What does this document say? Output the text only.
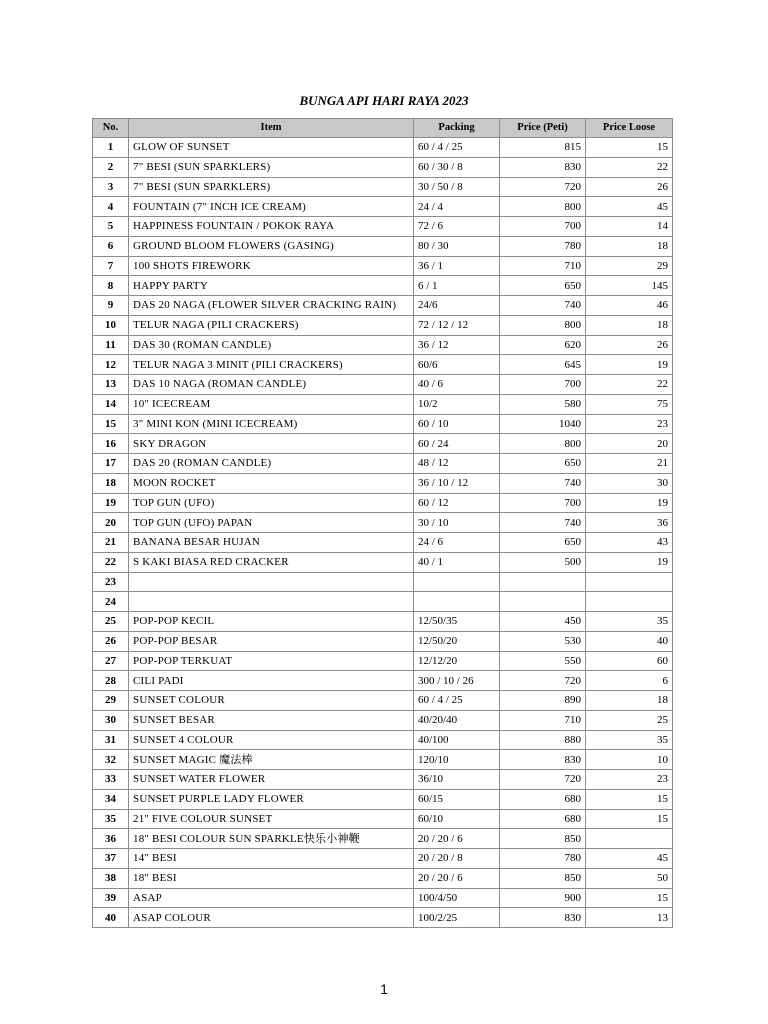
BUNGA API HARI RAYA 2023
No.	Item	Packing	Price (Peti)	Price Loose
1	GLOW OF SUNSET	60 / 4 / 25	815	15
2	7" BESI (SUN SPARKLERS)	60 / 30 / 8	830	22
3	7" BESI (SUN SPARKLERS)	30 / 50 / 8	720	26
4	FOUNTAIN (7" INCH ICE CREAM)	24 / 4	800	45
5	HAPPINESS FOUNTAIN / POKOK RAYA	72 / 6	700	14
6	GROUND BLOOM FLOWERS (GASING)	80 / 30	780	18
7	100 SHOTS FIREWORK	36 / 1	710	29
8	HAPPY PARTY	6 / 1	650	145
9	DAS 20 NAGA (FLOWER SILVER CRACKING RAIN)	24/6	740	46
10	TELUR NAGA (PILI CRACKERS)	72 / 12 / 12	800	18
11	DAS 30 (ROMAN CANDLE)	36 / 12	620	26
12	TELUR NAGA 3 MINIT (PILI CRACKERS)	60/6	645	19
13	DAS 10 NAGA (ROMAN CANDLE)	40 / 6	700	22
14	10" ICECREAM	10/2	580	75
15	3" MINI KON (MINI ICECREAM)	60 / 10	1040	23
16	SKY DRAGON	60 / 24	800	20
17	DAS 20 (ROMAN CANDLE)	48 / 12	650	21
18	MOON ROCKET	36 / 10 / 12	740	30
19	TOP GUN (UFO)	60 / 12	700	19
20	TOP GUN (UFO) PAPAN	30 / 10	740	36
21	BANANA BESAR HUJAN	24 / 6	650	43
22	S KAKI BIASA RED CRACKER	40 / 1	500	19
23				
24				
25	POP-POP KECIL	12/50/35	450	35
26	POP-POP BESAR	12/50/20	530	40
27	POP-POP TERKUAT	12/12/20	550	60
28	CILI PADI	300 / 10 / 26	720	6
29	SUNSET COLOUR	60 / 4 / 25	890	18
30	SUNSET BESAR	40/20/40	710	25
31	SUNSET 4 COLOUR	40/100	880	35
32	SUNSET MAGIC 魔法棒	120/10	830	10
33	SUNSET WATER FLOWER	36/10	720	23
34	SUNSET PURPLE LADY FLOWER	60/15	680	15
35	21" FIVE COLOUR SUNSET	60/10	680	15
36	18" BESI COLOUR SUN SPARKLE快乐小神鞭	20 / 20 / 6	850	
37	14" BESI	20 / 20 / 8	780	45
38	18" BESI	20 / 20 / 6	850	50
39	ASAP	100/4/50	900	15
40	ASAP COLOUR	100/2/25	830	13
1
